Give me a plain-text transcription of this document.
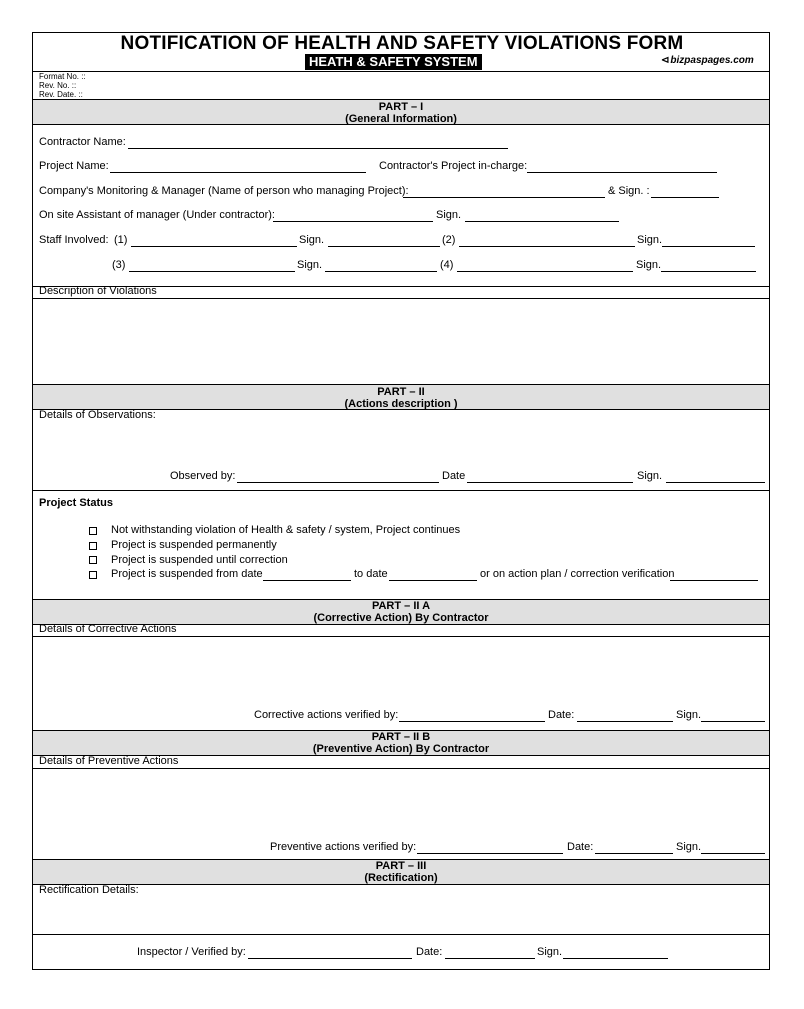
NOTIFICATION OF HEALTH AND SAFETY VIOLATIONS FORM
HEATH & SAFETY SYSTEM	⊲bizpaspages.com
Format No. ::
Rev. No. ::
Rev. Date. ::
PART – I
(General Information)
Contractor Name:
Project Name:	Contractor's Project in-charge:
Company's Monitoring & Manager (Name of person who managing Project):	& Sign. :
On site Assistant of manager (Under contractor):	Sign.
Staff Involved: (1)	Sign.	(2)	Sign.
(3)	Sign.	(4)	Sign.
Description of Violations
PART – II
(Actions description )
Details of Observations:
Observed by:	Date	Sign.
Project Status
Not withstanding violation of Health & safety / system, Project continues
Project is suspended permanently
Project is suspended until correction
Project is suspended from date	to date	or on action plan / correction verification
PART – II A
(Corrective Action) By Contractor
Details of Corrective Actions
Corrective actions verified by:	Date:	Sign.
PART – II B
(Preventive Action) By Contractor
Details of Preventive Actions
Preventive actions verified by:	Date:	Sign.
PART – III
(Rectification)
Rectification Details:
Inspector / Verified by:	Date:	Sign.
